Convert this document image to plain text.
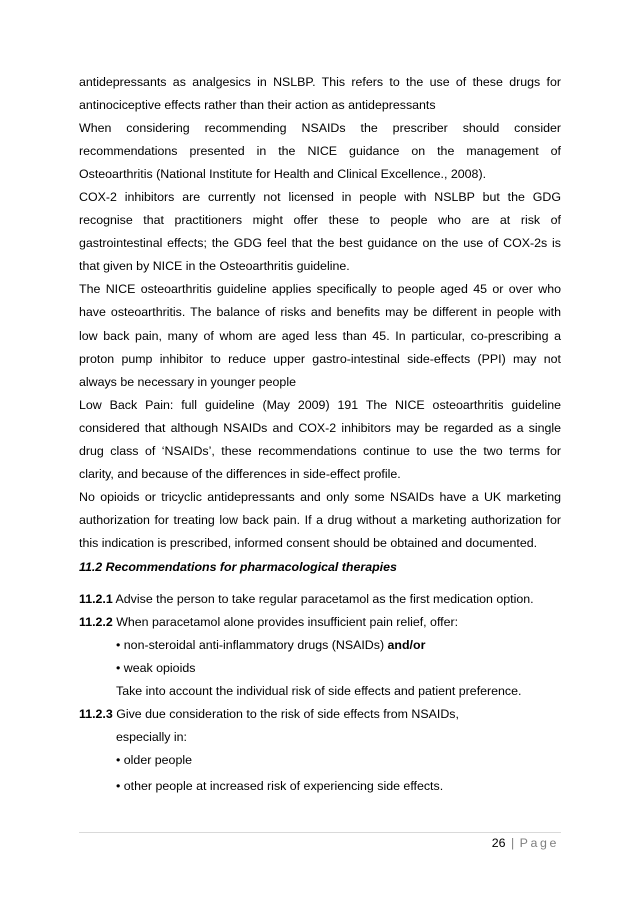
antidepressants as analgesics in NSLBP. This refers to the use of these drugs for antinociceptive effects rather than their action as antidepressants

When considering recommending NSAIDs the prescriber should consider recommendations presented in the NICE guidance on the management of Osteoarthritis (National Institute for Health and Clinical Excellence., 2008).

COX-2 inhibitors are currently not licensed in people with NSLBP but the GDG recognise that practitioners might offer these to people who are at risk of gastrointestinal effects; the GDG feel that the best guidance on the use of COX-2s is that given by NICE in the Osteoarthritis guideline.

The NICE osteoarthritis guideline applies specifically to people aged 45 or over who have osteoarthritis. The balance of risks and benefits may be different in people with low back pain, many of whom are aged less than 45. In particular, co-prescribing a proton pump inhibitor to reduce upper gastro-intestinal side-effects (PPI) may not always be necessary in younger people

Low Back Pain: full guideline (May 2009) 191 The NICE osteoarthritis guideline considered that although NSAIDs and COX-2 inhibitors may be regarded as a single drug class of ‘NSAIDs’, these recommendations continue to use the two terms for clarity, and because of the differences in side-effect profile.

No opioids or tricyclic antidepressants and only some NSAIDs have a UK marketing authorization for treating low back pain. If a drug without a marketing authorization for this indication is prescribed, informed consent should be obtained and documented.

11.2 Recommendations for pharmacological therapies

11.2.1 Advise the person to take regular paracetamol as the first medication option.

11.2.2 When paracetamol alone provides insufficient pain relief, offer:

• non-steroidal anti-inflammatory drugs (NSAIDs) and/or

• weak opioids

Take into account the individual risk of side effects and patient preference.

11.2.3 Give due consideration to the risk of side effects from NSAIDs,

especially in:

• older people

• other people at increased risk of experiencing side effects.

26 | Page
